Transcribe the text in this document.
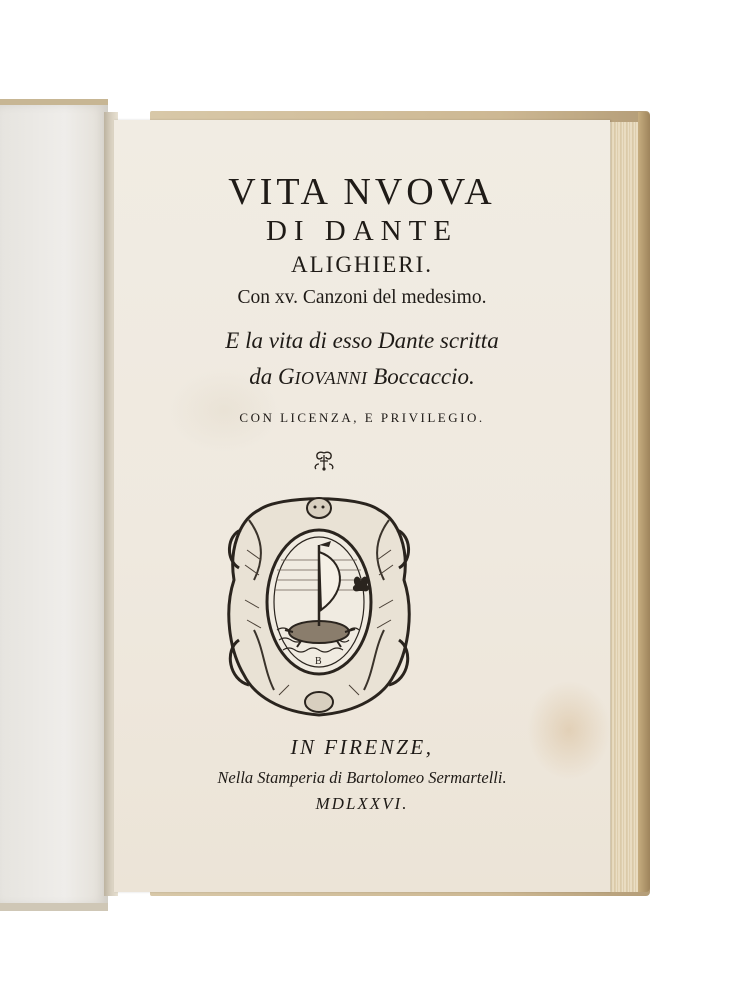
VITA NVOVA
DI DANTE
ALIGHIERI.
Con xv. Canzoni del medesimo.
E la vita di esso Dante scritta
da GIOVANNI Boccaccio.
CON LICENZA, E PRIVILEGIO.
B
IN FIRENZE,
Nella Stamperia di Bartolomeo Sermartelli.
MDLXXVI.
